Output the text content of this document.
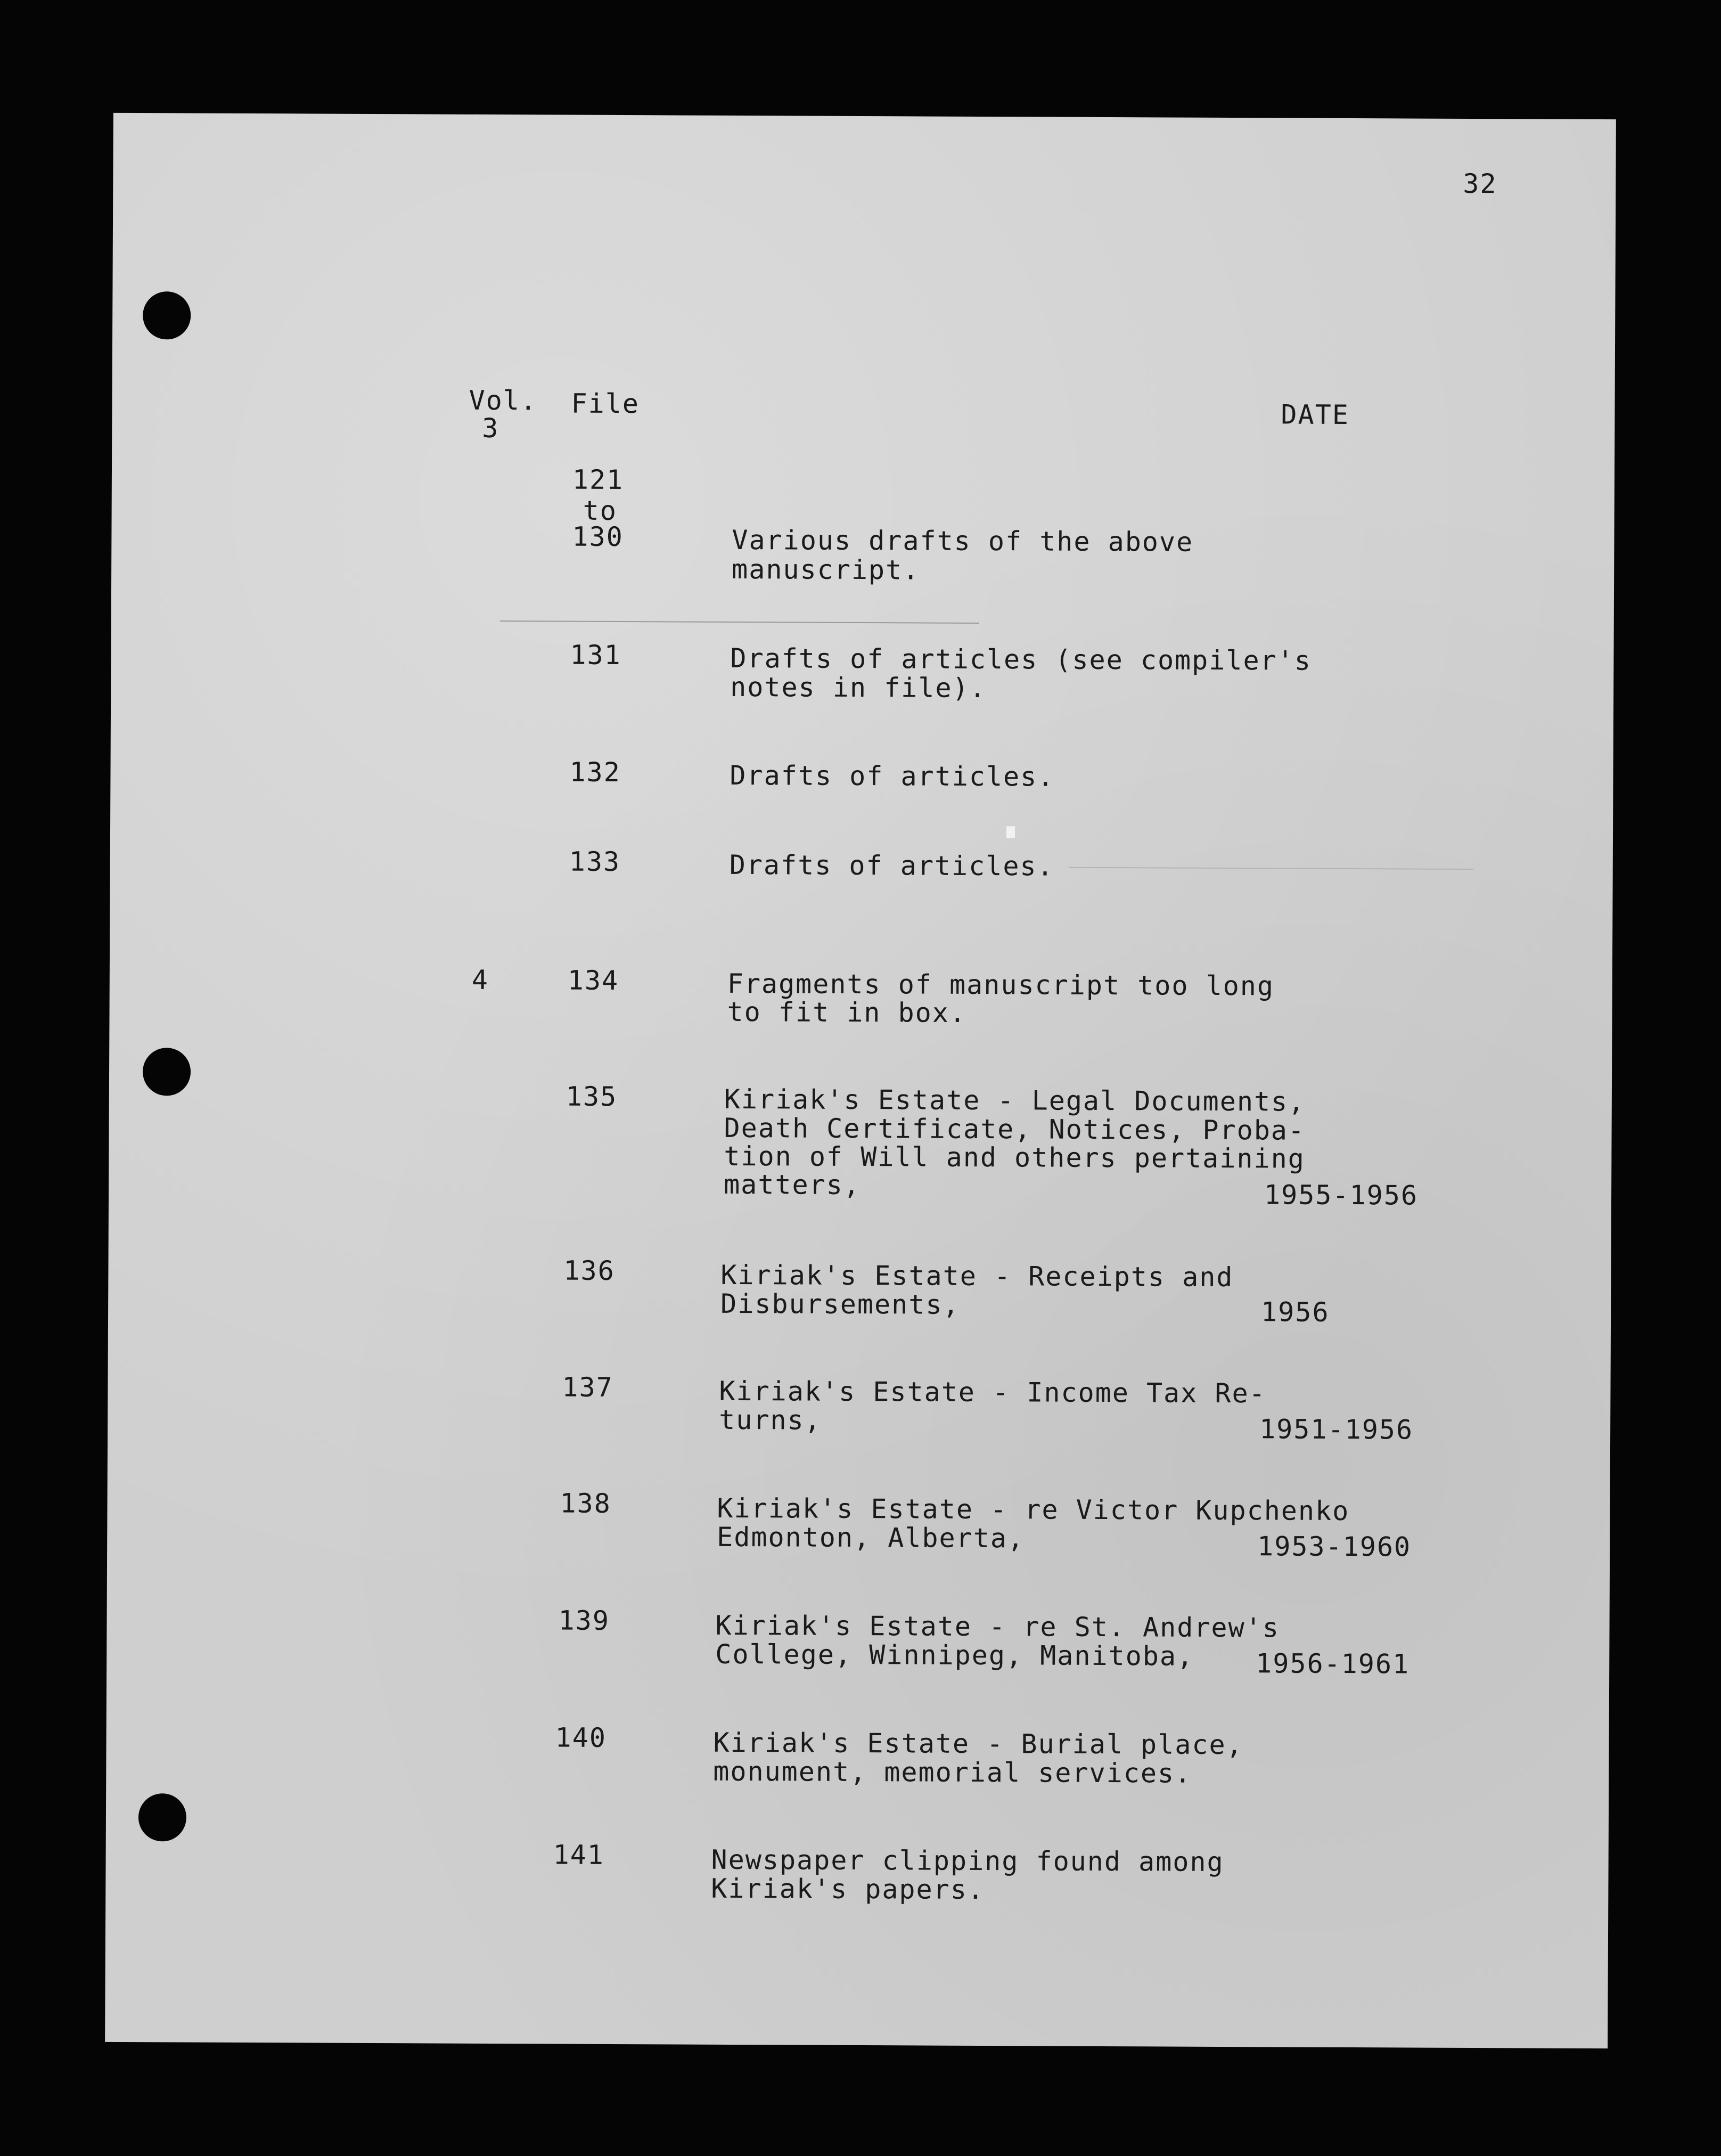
32
Vol.
3
File	DATE
121
to
130	Various drafts of the above
manuscript.
131	Drafts of articles (see compiler's
notes in file).
132	Drafts of articles.
133	Drafts of articles.
4	134	Fragments of manuscript too long
to fit in box.
135	Kiriak's Estate - Legal Documents,
Death Certificate, Notices, Proba-
tion of Will and others pertaining
matters,	1955-1956
136	Kiriak's Estate - Receipts and
Disbursements,	1956
137	Kiriak's Estate - Income Tax Re-
turns,	1951-1956
138	Kiriak's Estate - re Victor Kupchenko
Edmonton, Alberta,	1953-1960
139	Kiriak's Estate - re St. Andrew's
College, Winnipeg, Manitoba, 1956-1961
140	Kiriak's Estate - Burial place,
monument, memorial services.
141	Newspaper clipping found among
Kiriak's papers.
